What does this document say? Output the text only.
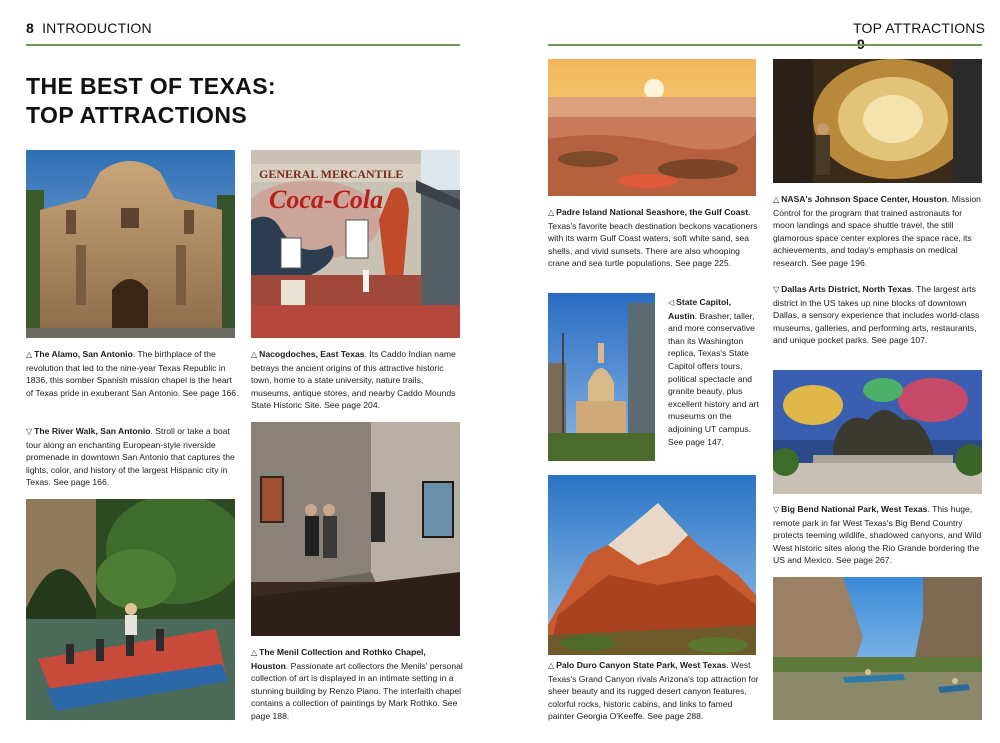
8 INTRODUCTION	TOP ATTRACTIONS
THE BEST OF TEXAS:
TOP ATTRACTIONS
△ The Alamo, San Antonio. The birthplace of the revolution that led to the nine-year Texas Republic in 1836, this somber Spanish mission chapel is the heart of Texas pride in exuberant San Antonio. See page 166.
▽ The River Walk, San Antonio. Stroll or take a boat tour along an enchanting European-style riverside promenade in downtown San Antonio that captures the lights, color, and history of the largest Hispanic city in Texas. See page 166.
GENERAL MERCANTILE
Coca-Cola
△ Nacogdoches, East Texas. Its Caddo Indian name betrays the ancient origins of this attractive historic town, home to a state university, nature trails, museums, antique stores, and nearby Caddo Mounds State Historic Site. See page 204.
△ The Menil Collection and Rothko Chapel, Houston. Passionate art collectors the Menils' personal collection of art is displayed in an intimate setting in a stunning building by Renzo Piano. The interfaith chapel contains a collection of paintings by Mark Rothko. See page 188.
△ Padre Island National Seashore, the Gulf Coast. Texas's favorite beach destination beckons vacationers with its warm Gulf Coast waters, soft white sand, sea shells, and vivid sunsets. There are also whooping crane and sea turtle populations. See page 225.
◁ State Capitol, Austin. Brasher, taller, and more conservative than its Washington replica, Texas's State Capitol offers tours, political spectacle and granite beauty, plus excellent history and art museums on the adjoining UT campus. See page 147.
△ Palo Duro Canyon State Park, West Texas. West Texas's Grand Canyon rivals Arizona's top attraction for sheer beauty and its rugged desert canyon features, colorful rocks, historic cabins, and links to famed painter Georgia O'Keeffe. See page 288.
△ NASA's Johnson Space Center, Houston. Mission Control for the program that trained astronauts for moon landings and space shuttle travel, the still glamorous space center explores the space race, its achievements, and today's emphasis on medical research. See page 196.
▽ Dallas Arts District, North Texas. The largest arts district in the US takes up nine blocks of downtown Dallas, a sensory experience that includes world-class museums, galleries, and performing arts, restaurants, and unique pocket parks. See page 107.
▽ Big Bend National Park, West Texas. This huge, remote park in far West Texas's Big Bend Country protects teeming wildlife, shadowed canyons, and Wild West historic sites along the Rio Grande bordering the US and Mexico. See page 267.
